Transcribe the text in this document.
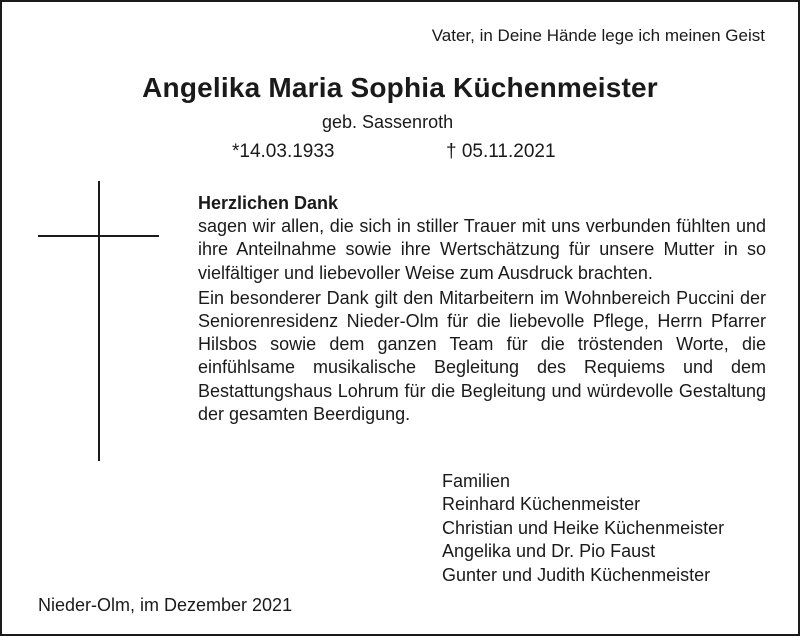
Vater, in Deine Hände lege ich meinen Geist
Angelika Maria Sophia Küchenmeister
geb. Sassenroth
*14.03.1933	† 05.11.2021

Herzlichen Dank
sagen wir allen, die sich in stiller Trauer mit uns verbunden fühlten und ihre Anteilnahme sowie ihre Wertschätzung für unsere Mutter in so vielfältiger und liebevoller Weise zum Ausdruck brachten.

Ein besonderer Dank gilt den Mitarbeitern im Wohnbereich Puccini der Seniorenresidenz Nieder-Olm für die liebevolle Pflege, Herrn Pfarrer Hilsbos sowie dem ganzen Team für die tröstenden Worte, die einfühlsame musikalische Begleitung des Requiems und dem Bestattungshaus Lohrum für die Begleitung und würdevolle Gestaltung der gesamten Beerdigung.

Familien
Reinhard Küchenmeister
Christian und Heike Küchenmeister
Angelika und Dr. Pio Faust
Gunter und Judith Küchenmeister
Nieder-Olm, im Dezember 2021
